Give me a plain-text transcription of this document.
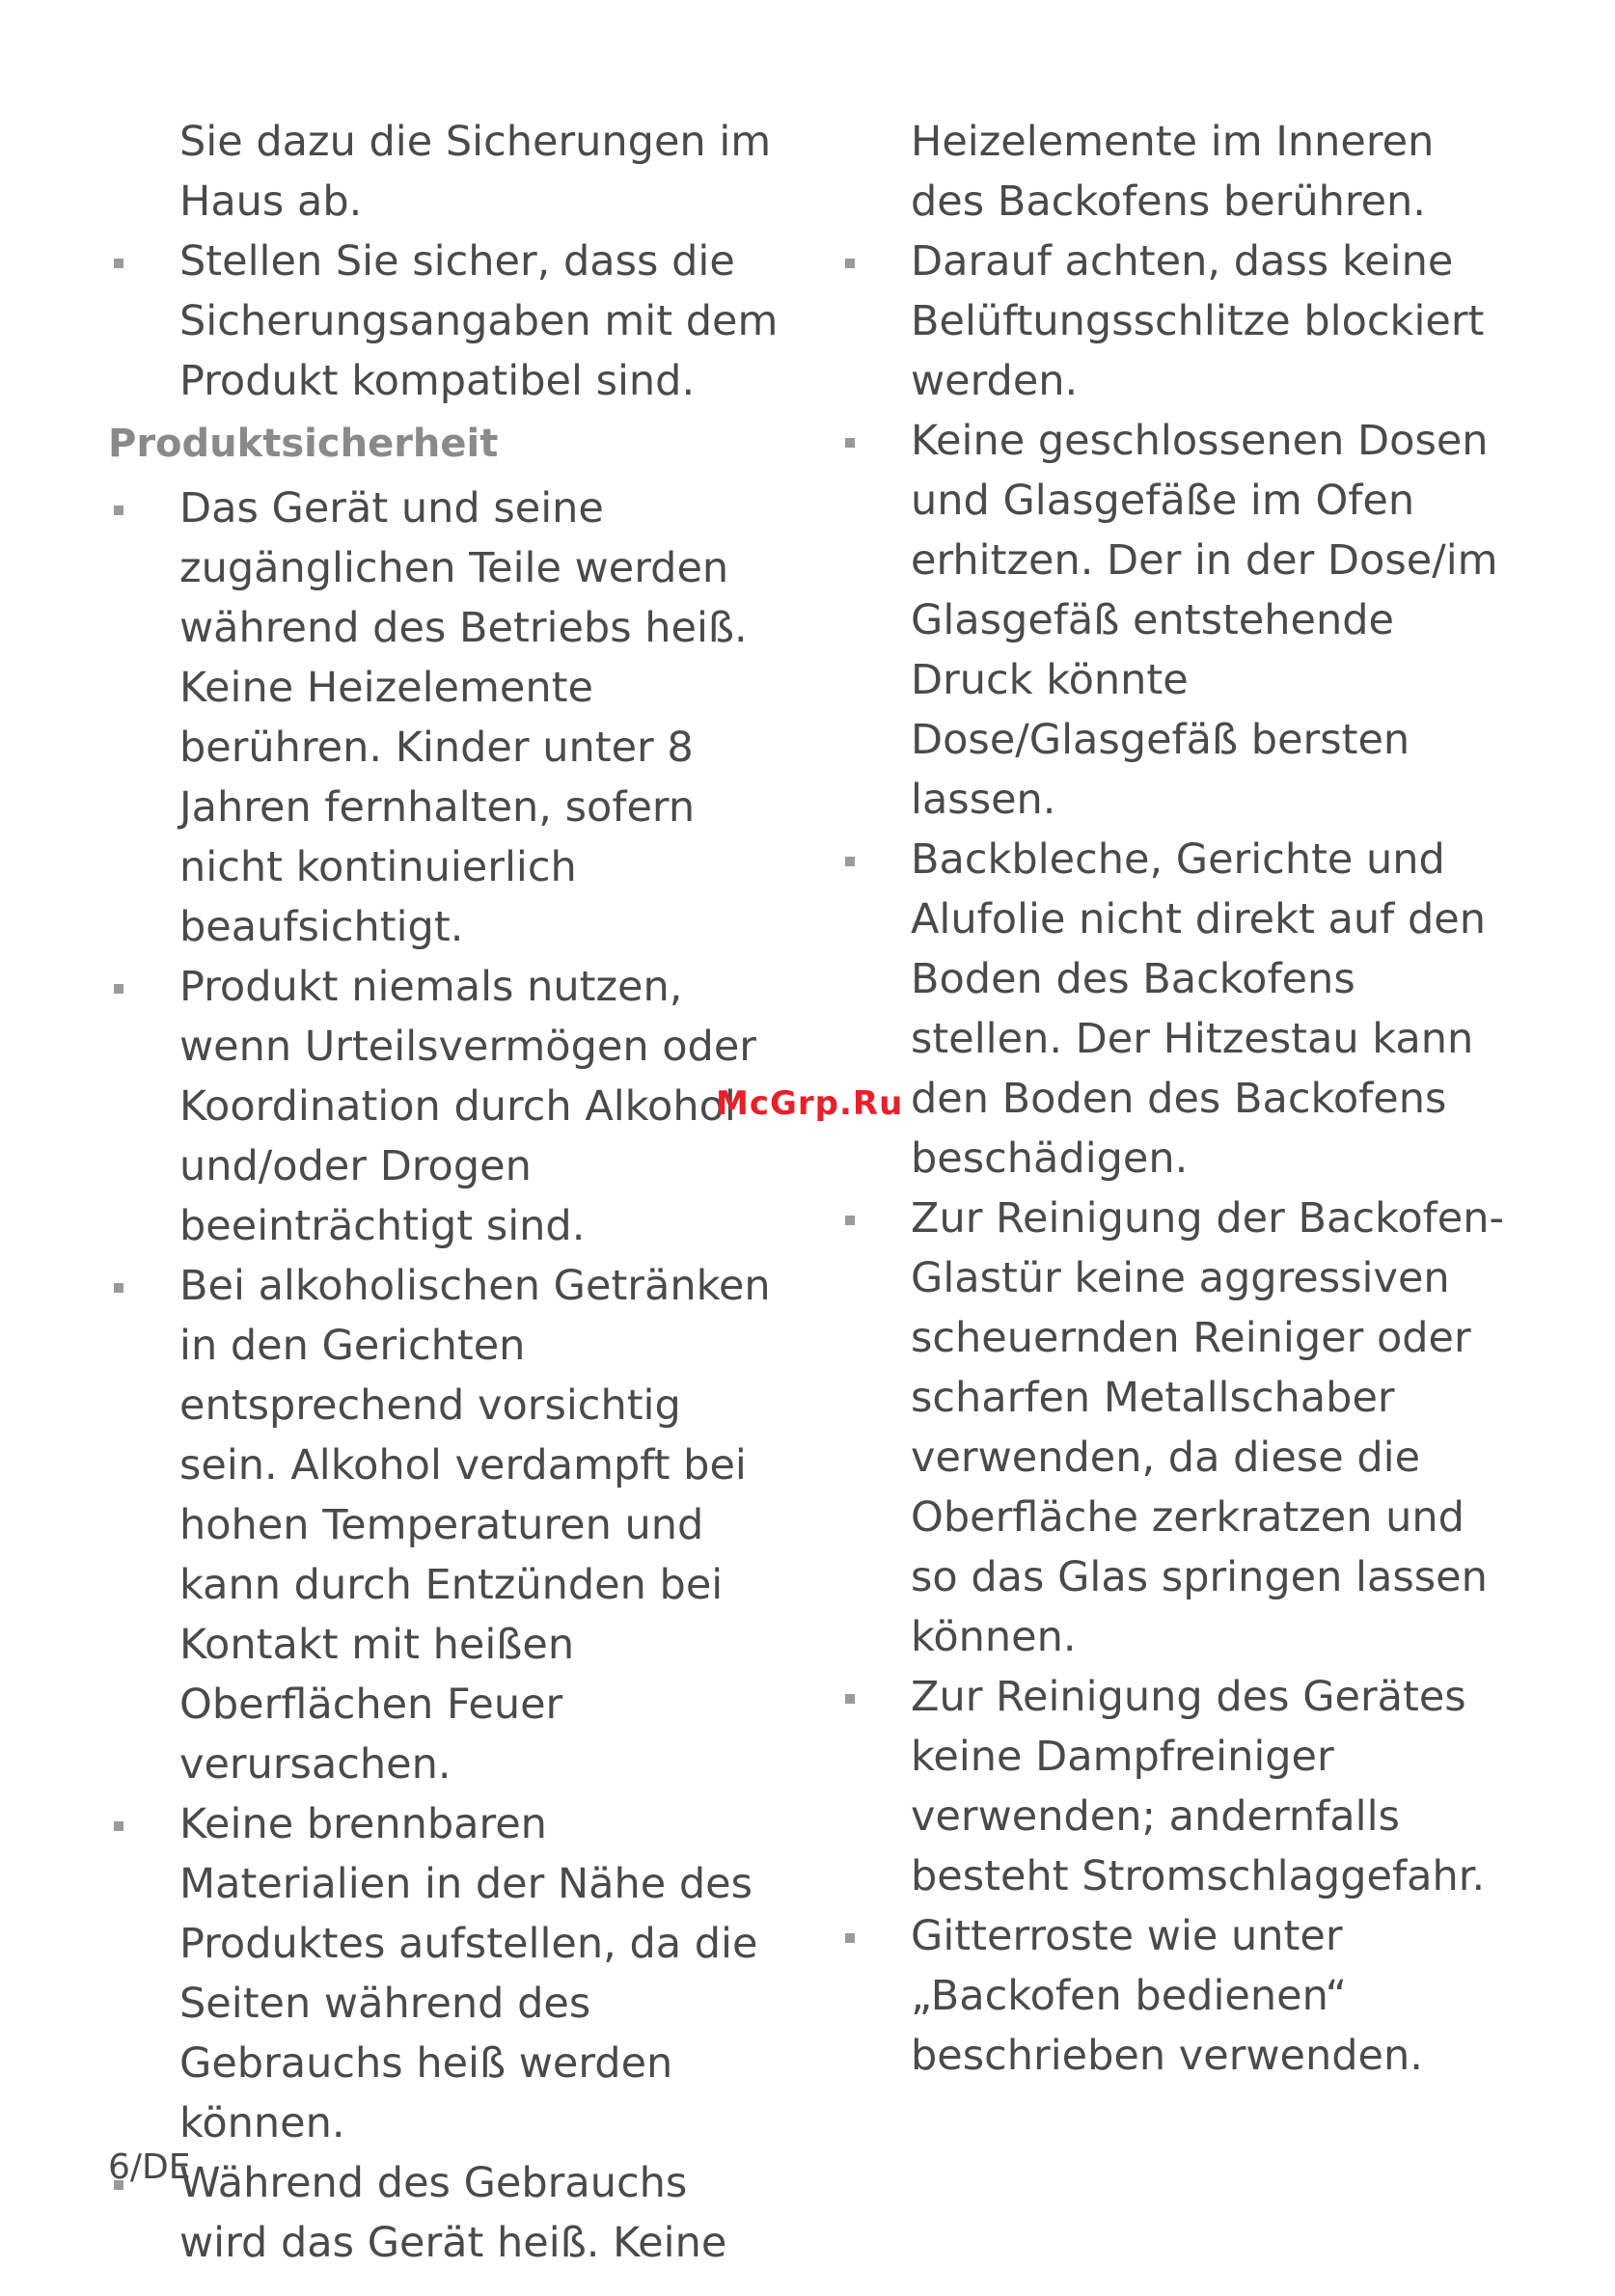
Sie dazu die Sicherungen im Haus ab.

Stellen Sie sicher, dass die Sicherungsangaben mit dem Produkt kompatibel sind.
Produktsicherheit
Das Gerät und seine zugänglichen Teile werden während des Betriebs heiß. Keine Heizelemente berühren. Kinder unter 8 Jahren fernhalten, sofern nicht kontinuierlich beaufsichtigt.
Produkt niemals nutzen, wenn Urteilsvermögen oder Koordination durch Alkohol und/oder Drogen beeinträchtigt sind.
Bei alkoholischen Getränken in den Gerichten entsprechend vorsichtig sein. Alkohol verdampft bei hohen Temperaturen und kann durch Entzünden bei Kontakt mit heißen Oberflächen Feuer verursachen.
Keine brennbaren Materialien in der Nähe des Produktes aufstellen, da die Seiten während des Gebrauchs heiß werden können.
Während des Gebrauchs wird das Gerät heiß. Keine

Heizelemente im Inneren des Backofens berühren.

Darauf achten, dass keine Belüftungsschlitze blockiert werden.
Keine geschlossenen Dosen und Glasgefäße im Ofen erhitzen. Der in der Dose/im Glasgefäß entstehende Druck könnte Dose/Glasgefäß bersten lassen.
Backbleche, Gerichte und Alufolie nicht direkt auf den Boden des Backofens stellen. Der Hitzestau kann den Boden des Backofens beschädigen.
Zur Reinigung der Backofen-Glastür keine aggressiven scheuernden Reiniger oder scharfen Metallschaber verwenden, da diese die Oberfläche zerkratzen und so das Glas springen lassen können.
Zur Reinigung des Gerätes keine Dampfreiniger verwenden; andernfalls besteht Stromschlaggefahr.
Gitterroste wie unter „Backofen bedienen“ beschrieben verwenden.
McGrp.Ru
6/DE
